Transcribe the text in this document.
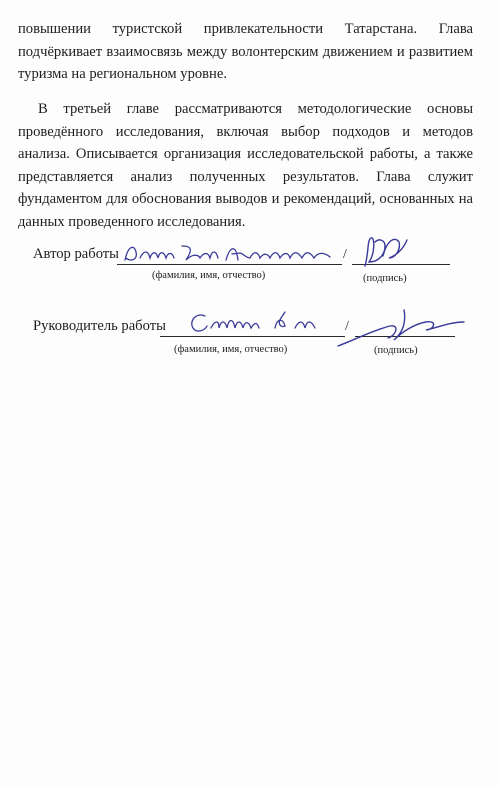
повышении туристской привлекательности Татарстана. Глава подчёркивает взаимосвязь между волонтерским движением и развитием туризма на региональном уровне.

В третьей главе рассматриваются методологические основы проведённого исследования, включая выбор подходов и методов анализа. Описывается организация исследовательской работы, а также представляется анализ полученных результатов. Глава служит фундаментом для обоснования выводов и рекомендаций, основанных на данных проведенного исследования.

Автор работы	/
(фамилия, имя, отчество)	(подпись)
Руководитель работы	/
(фамилия, имя, отчество)	(подпись)
